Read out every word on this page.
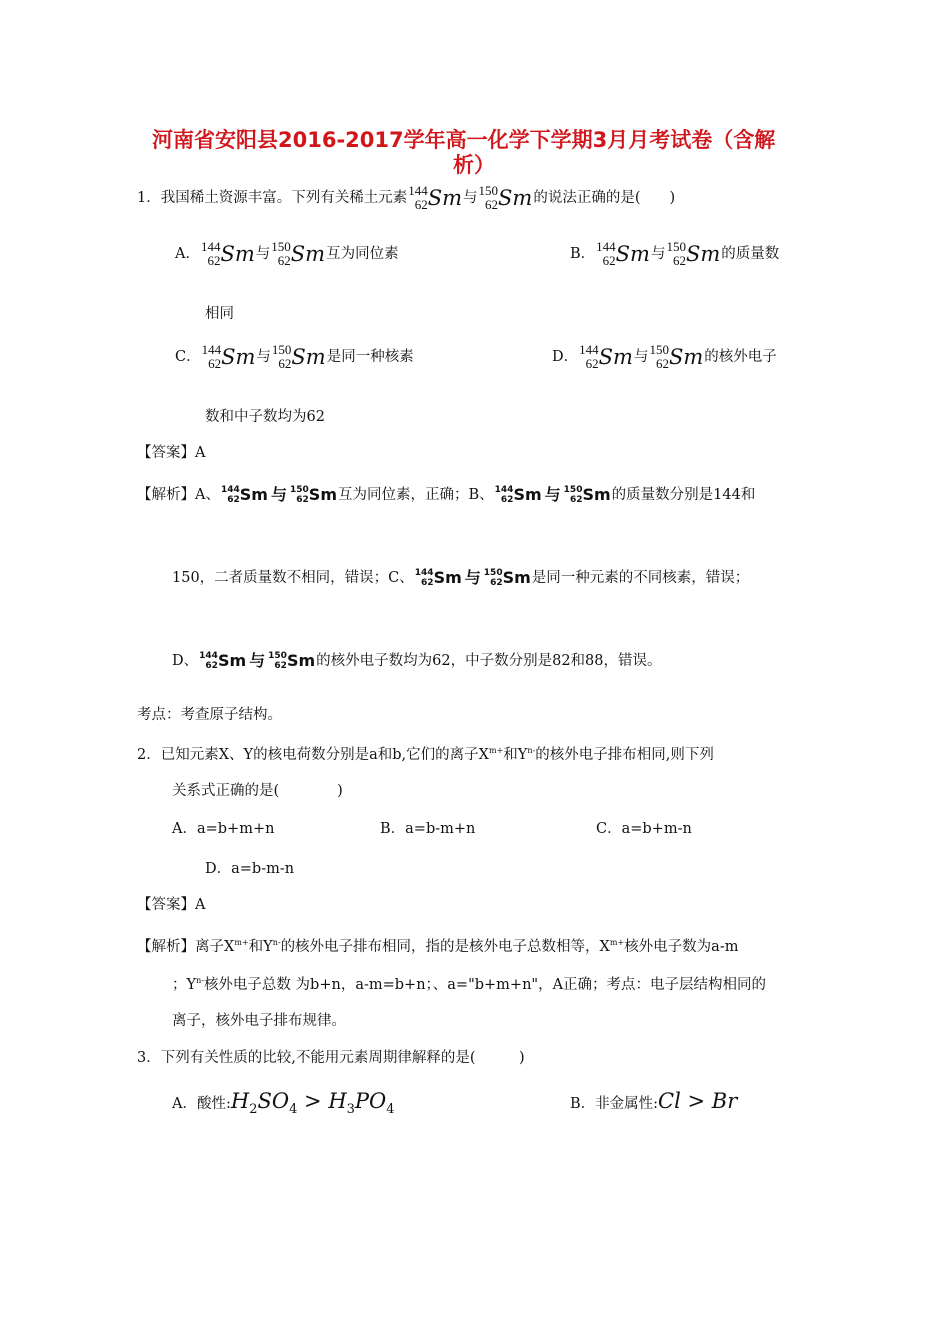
河南省安阳县2016-2017学年高一化学下学期3月月考试卷（含解
析）
1．我国稀土资源丰富。下列有关稀土元素144
62Sm与150
62Sm的说法正确的是(　　)
A．144
62Sm与150
62Sm互为同位素	B．144
62Sm与150
62Sm的质量数
相同
C．144
62Sm与150
62Sm是同一种核素	D．144
62Sm与150
62Sm的核外电子
数和中子数均为62
【答案】A
【解析】A、144
62Sm 与 150
62Sm互为同位素，正确；B、144
62Sm 与 150
62Sm的质量数分别是144和
150，二者质量数不相同，错误；C、144
62Sm 与 150
62Sm是同一种元素的不同核素，错误；
D、144
62Sm 与 150
62Sm的核外电子数均为62，中子数分别是82和88，错误。
考点：考查原子结构。
2．已知元素X、Y的核电荷数分别是a和b,它们的离子$X^{m+}$和$Y^{n-}$的核外电子排布相同,则下列
关系式正确的是(　　　　)
A．a=b+m+n	B．a=b-m+n	C．a=b+m-n
D．a=b-m-n
【答案】A
【解析】离子$X^{m+}$和$Y^{n-}$的核外电子排布相同，指的是核外电子总数相等，$X^{m+}$核外电子数为a-m
；$Y^{n-}$核外电子总数 为b+n，a-m=b+n；、a="b+m+n"，A正确；考点：电子层结构相同的
离子，核外电子排布规律。
3．下列有关性质的比较,不能用元素周期律解释的是(　　　)
A．酸性$:H_2SO_4 > H_3PO_4$	B．非金属性:Cl > Br
